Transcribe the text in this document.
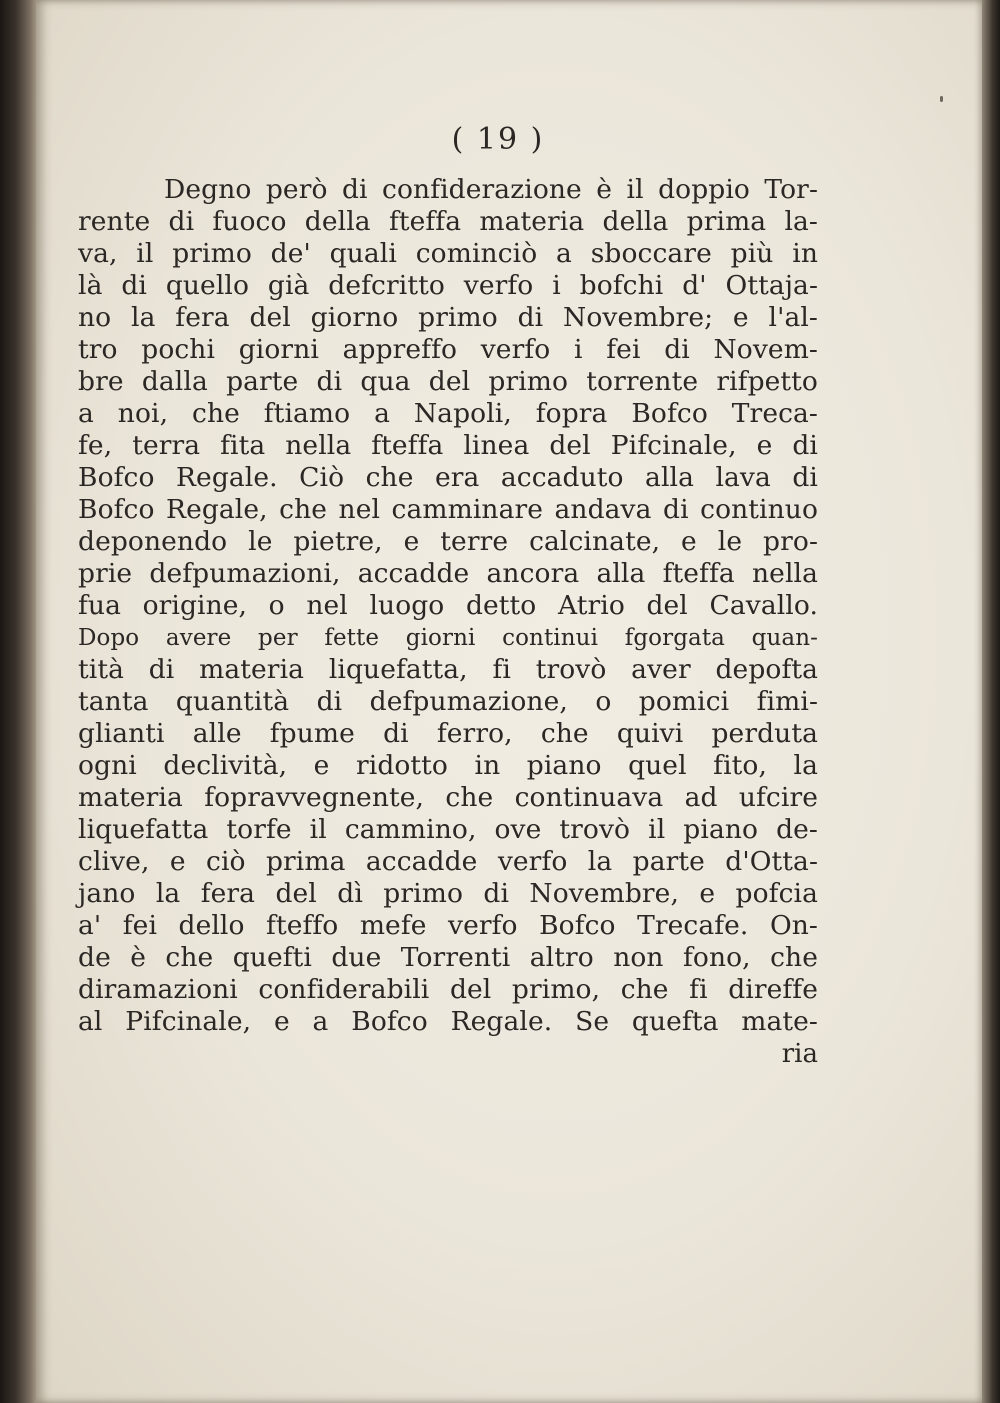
( 19 )
Degno però di confiderazione è il doppio Tor-
rente di fuoco della fteffa materia della prima la-
va, il primo de' quali cominciò a sboccare più in
là di quello già defcritto verfo i bofchi d' Ottaja-
no la fera del giorno primo di Novembre; e l'al-
tro pochi giorni appreffo verfo i fei di Novem-
bre dalla parte di qua del primo torrente rifpetto
a noi, che ftiamo a Napoli, fopra Bofco Treca-
fe, terra fita nella fteffa linea del Pifcinale, e di
Bofco Regale. Ciò che era accaduto alla lava di
Bofco Regale, che nel camminare andava di continuo
deponendo le pietre, e terre calcinate, e le pro-
prie defpumazioni, accadde ancora alla fteffa nella
fua origine, o nel luogo detto Atrio del Cavallo.
Dopo avere per fette giorni continui fgorgata quan-
tità di materia liquefatta, fi trovò aver depofta
tanta quantità di defpumazione, o pomici fimi-
glianti alle fpume di ferro, che quivi perduta
ogni declività, e ridotto in piano quel fito, la
materia fopravvegnente, che continuava ad ufcire
liquefatta torfe il cammino, ove trovò il piano de-
clive, e ciò prima accadde verfo la parte d'Otta-
jano la fera del dì primo di Novembre, e pofcia
a' fei dello fteffo mefe verfo Bofco Trecafe. On-
de è che quefti due Torrenti altro non fono, che
diramazioni confiderabili del primo, che fi direffe
al Pifcinale, e a Bofco Regale. Se quefta mate-
ria
